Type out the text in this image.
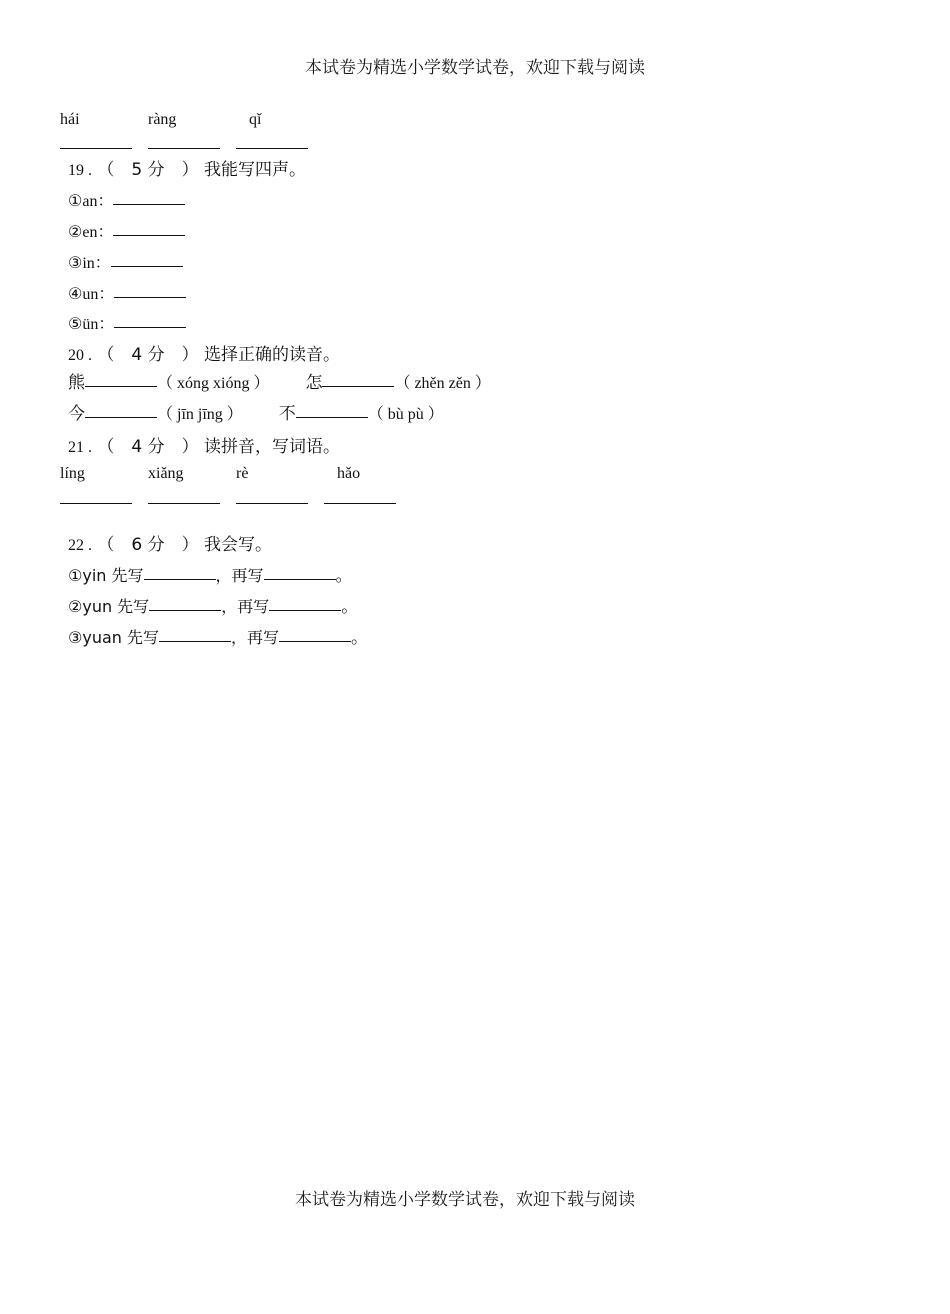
本试卷为精选小学数学试卷，欢迎下载与阅读
hái	ràng	qǐ
19 . （　5 分　） 我能写四声。
①an：
②en：
③in：
④un：
⑤ün：
20 . （　4 分　） 选择正确的读音。
熊	（ xóng xióng ） 怎	（ zhěn zěn ）
今	（ jīn jīng ） 不	（ bù pù ）
21 . （　4 分　） 读拼音，写词语。
líng	xiǎng	rè	hǎo
22 . （　6 分　） 我会写。
①yin 先写	，再写	。
②yun 先写	，再写	。
③yuan 先写	，再写	。
本试卷为精选小学数学试卷，欢迎下载与阅读
